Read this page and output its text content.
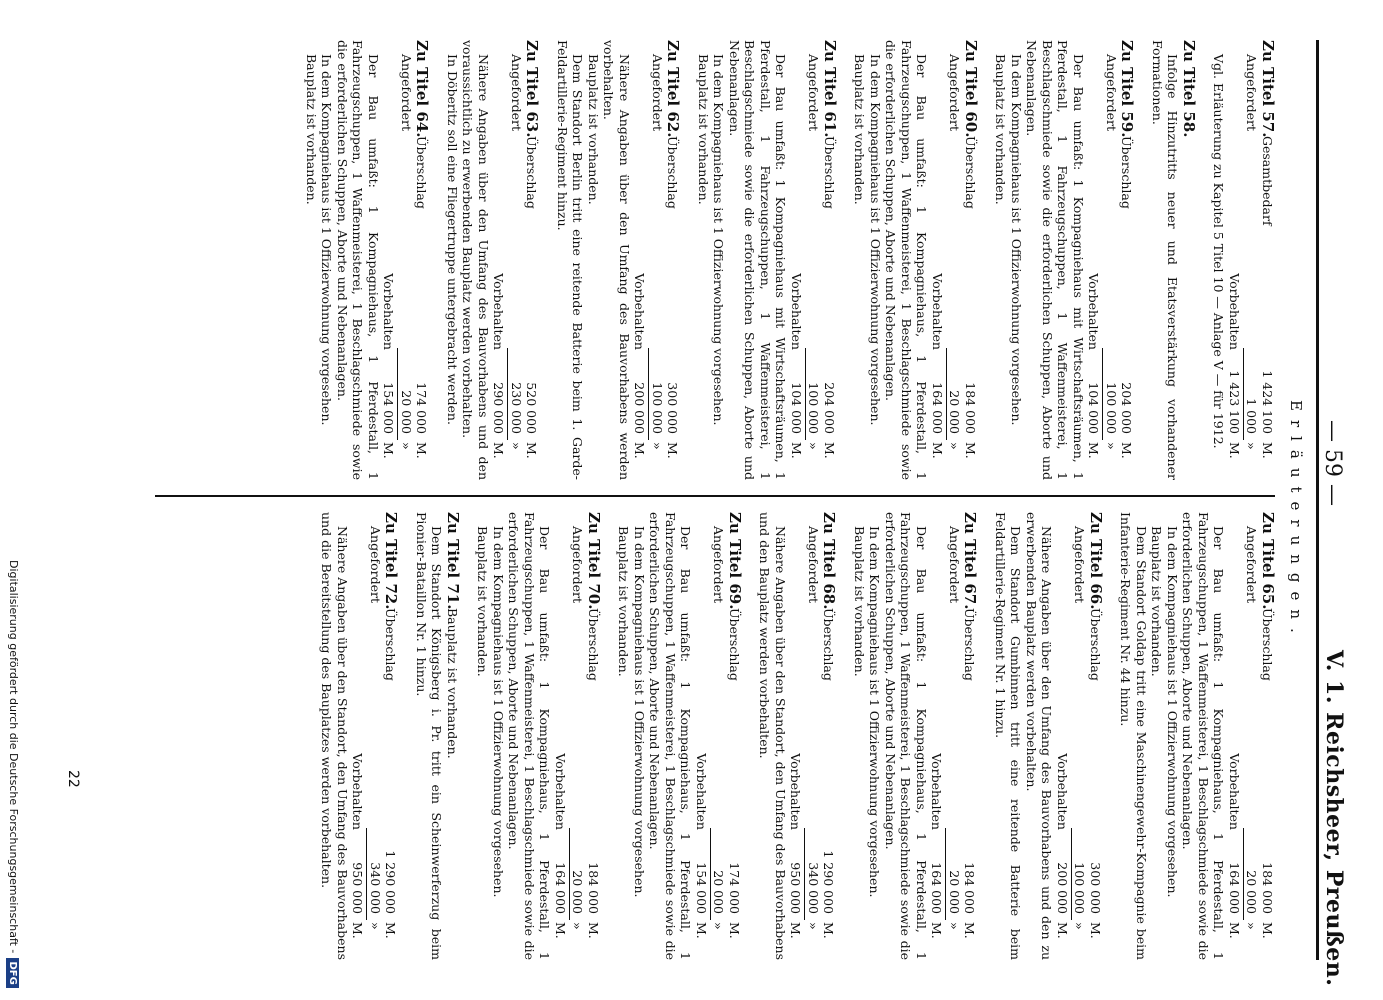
— 59 —
V. 1. Reichsheer, Preußen.
Erläuterungen.
Zu Titel 57.
Gesamtbedarf
1 424 100
M.
Angefordert
1 000
»
Vorbehalten
1 423 100
M.
Vgl. Erläuterung zu Kapitel 5 Titel 10 — Anlage V — für 1912.
Zu Titel 58.
Infolge Hinzutritts neuer und Etatsverstärkung vorhandener Formationen.
Zu Titel 59.
Überschlag
204 000
M.
Angefordert
100 000
»
Vorbehalten
104 000
M.
Der Bau umfaßt: 1 Kompagniehaus mit Wirtschaftsräumen, 1 Pferdestall, 1 Fahrzeugschuppen, 1 Waffenmeisterei, 1 Beschlagschmiede sowie die erforderlichen Schuppen, Aborte und Nebenanlagen.
In dem Kompagniehaus ist 1 Offizierwohnung vorgesehen.
Bauplatz ist vorhanden.
Zu Titel 60.
Überschlag
184 000
M.
Angefordert
20 000
»
Vorbehalten
164 000
M.
Der Bau umfaßt: 1 Kompagniehaus, 1 Pferdestall, 1 Fahrzeugschuppen, 1 Waffenmeisterei, 1 Beschlagschmiede sowie die erforderlichen Schuppen, Aborte und Nebenanlagen.
In dem Kompagniehaus ist 1 Offizierwohnung vorgesehen.
Bauplatz ist vorhanden.
Zu Titel 61.
Überschlag
204 000
M.
Angefordert
100 000
»
Vorbehalten
104 000
M.
Der Bau umfaßt: 1 Kompagniehaus mit Wirtschaftsräumen, 1 Pferdestall, 1 Fahrzeugschuppen, 1 Waffenmeisterei, 1 Beschlagschmiede sowie die erforderlichen Schuppen, Aborte und Nebenanlagen.
In dem Kompagniehaus ist 1 Offizierwohnung vorgesehen.
Bauplatz ist vorhanden.
Zu Titel 62.
Überschlag
300 000
M.
Angefordert
100 000
»
Vorbehalten
200 000
M.
Nähere Angaben über den Umfang des Bauvorhabens werden vorbehalten.
Bauplatz ist vorhanden.
Dem Standort Berlin tritt eine reitende Batterie beim 1. Garde-Feldartillerie-Regiment hinzu.
Zu Titel 63.
Überschlag
520 000
M.
Angefordert
230 000
»
Vorbehalten
290 000
M.
Nähere Angaben über den Umfang des Bauvorhabens und den voraussichtlich zu erwerbenden Bauplatz werden vorbehalten.
In Döberitz soll eine Fliegertruppe untergebracht werden.
Zu Titel 64.
Überschlag
174 000
M.
Angefordert
20 000
»
Vorbehalten
154 000
M.
Der Bau umfaßt: 1 Kompagniehaus, 1 Pferdestall, 1 Fahrzeugschuppen, 1 Waffenmeisterei, 1 Beschlagschmiede sowie die erforderlichen Schuppen, Aborte und Nebenanlagen.
In dem Kompagniehaus ist 1 Offizierwohnung vorgesehen.
Bauplatz ist vorhanden.
Zu Titel 65.
Überschlag
184 000
M.
Angefordert
20 000
»
Vorbehalten
164 000
M.
Der Bau umfaßt: 1 Kompagniehaus, 1 Pferdestall, 1 Fahrzeugschuppen, 1 Waffenmeisterei, 1 Beschlagschmiede sowie die erforderlichen Schuppen, Aborte und Nebenanlagen.
In dem Kompagniehaus ist 1 Offizierwohnung vorgesehen.
Bauplatz ist vorhanden.
Dem Standort Goldap tritt eine Maschinengewehr-Kompagnie beim Infanterie-Regiment Nr. 44 hinzu.
Zu Titel 66.
Überschlag
300 000
M.
Angefordert
100 000
»
Vorbehalten
200 000
M.
Nähere Angaben über den Umfang des Bauvorhabens und den zu erwerbenden Bauplatz werden vorbehalten.
Dem Standort Gumbinnen tritt eine reitende Batterie beim Feldartillerie-Regiment Nr. 1 hinzu.
Zu Titel 67.
Überschlag
184 000
M.
Angefordert
20 000
»
Vorbehalten
164 000
M.
Der Bau umfaßt: 1 Kompagniehaus, 1 Pferdestall, 1 Fahrzeugschuppen, 1 Waffenmeisterei, 1 Beschlagschmiede sowie die erforderlichen Schuppen, Aborte und Nebenanlagen.
In dem Kompagniehaus ist 1 Offizierwohnung vorgesehen.
Bauplatz ist vorhanden.
Zu Titel 68.
Überschlag
1 290 000
M.
Angefordert
340 000
»
Vorbehalten
950 000
M.
Nähere Angaben über den Standort, den Umfang des Bauvorhabens und den Bauplatz werden vorbehalten.
Zu Titel 69.
Überschlag
174 000
M.
Angefordert
20 000
»
Vorbehalten
154 000
M.
Der Bau umfaßt: 1 Kompagniehaus, 1 Pferdestall, 1 Fahrzeugschuppen, 1 Waffenmeisterei, 1 Beschlagschmiede sowie die erforderlichen Schuppen, Aborte und Nebenanlagen.
In dem Kompagniehaus ist 1 Offizierwohnung vorgesehen.
Bauplatz ist vorhanden.
Zu Titel 70.
Überschlag
184 000
M.
Angefordert
20 000
»
Vorbehalten
164 000
M.
Der Bau umfaßt: 1 Kompagniehaus, 1 Pferdestall, 1 Fahrzeugschuppen, 1 Waffenmeisterei, 1 Beschlagschmiede sowie die erforderlichen Schuppen, Aborte und Nebenanlagen.
In dem Kompagniehaus ist 1 Offizierwohnung vorgesehen.
Bauplatz ist vorhanden.
Zu Titel 71.
Bauplatz ist vorhanden.
Dem Standort Königsberg i. Pr. tritt ein Scheinwerferzug beim Pionier-Bataillon Nr. 1 hinzu.
Zu Titel 72.
Überschlag
1 290 000
M.
Angefordert
340 000
»
Vorbehalten
950 000
M.
Nähere Angaben über den Standort, den Umfang des Bauvorhabens und die Bereitstellung des Bauplatzes werden vorbehalten.
22
Digitalisierung gefördert durch die Deutsche Forschungsgemeinschaft - DFG
